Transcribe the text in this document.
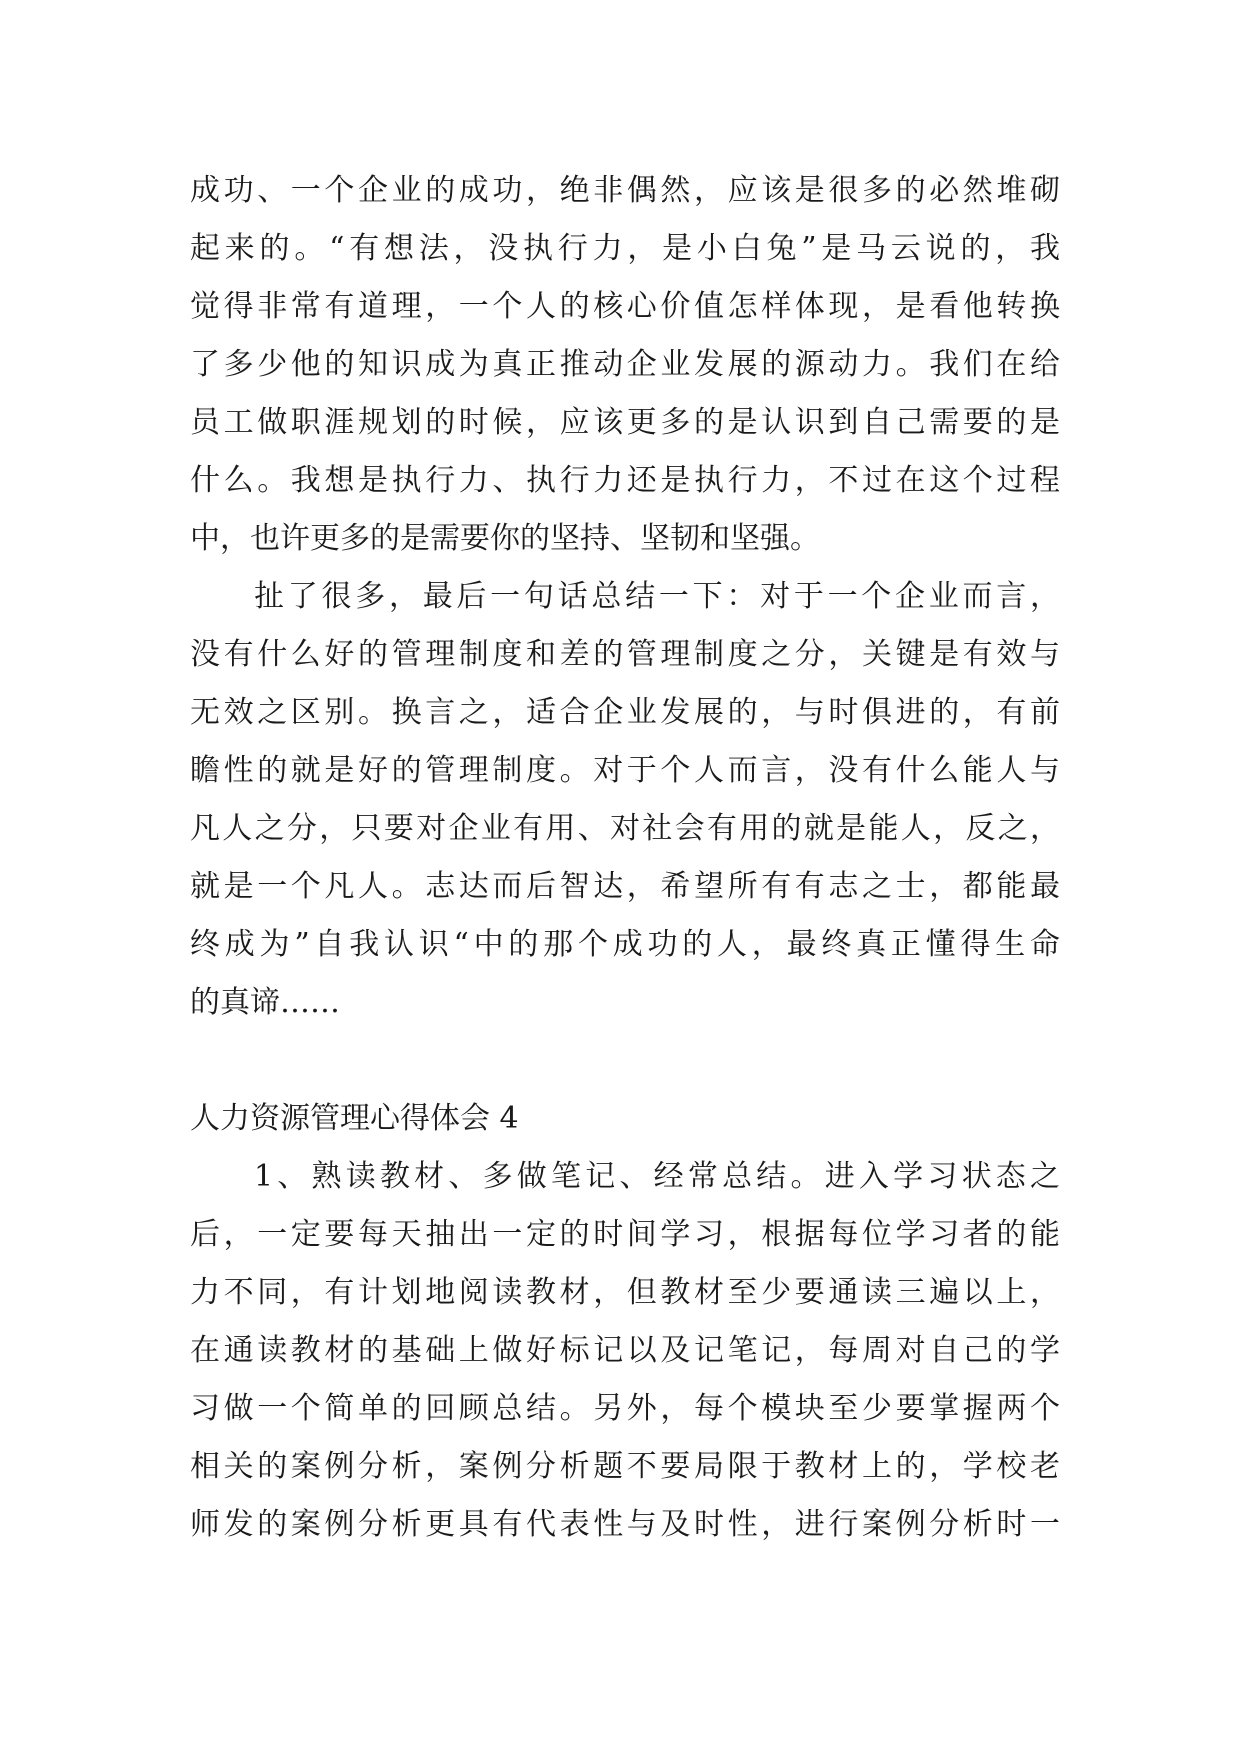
成功、一个企业的成功，绝非偶然，应该是很多的必然堆砌
起来的。“有想法，没执行力，是小白兔”是马云说的，我
觉得非常有道理，一个人的核心价值怎样体现，是看他转换
了多少他的知识成为真正推动企业发展的源动力。我们在给
员工做职涯规划的时候，应该更多的是认识到自己需要的是
什么。我想是执行力、执行力还是执行力，不过在这个过程
中，也许更多的是需要你的坚持、坚韧和坚强。
扯了很多，最后一句话总结一下：对于一个企业而言，
没有什么好的管理制度和差的管理制度之分，关键是有效与
无效之区别。换言之，适合企业发展的，与时俱进的，有前
瞻性的就是好的管理制度。对于个人而言，没有什么能人与
凡人之分，只要对企业有用、对社会有用的就是能人，反之，
就是一个凡人。志达而后智达，希望所有有志之士，都能最
终成为”自我认识“中的那个成功的人，最终真正懂得生命
的真谛……
人力资源管理心得体会 4
1、熟读教材、多做笔记、经常总结。进入学习状态之
后，一定要每天抽出一定的时间学习，根据每位学习者的能
力不同，有计划地阅读教材，但教材至少要通读三遍以上，
在通读教材的基础上做好标记以及记笔记，每周对自己的学
习做一个简单的回顾总结。另外，每个模块至少要掌握两个
相关的案例分析，案例分析题不要局限于教材上的，学校老
师发的案例分析更具有代表性与及时性，进行案例分析时一
